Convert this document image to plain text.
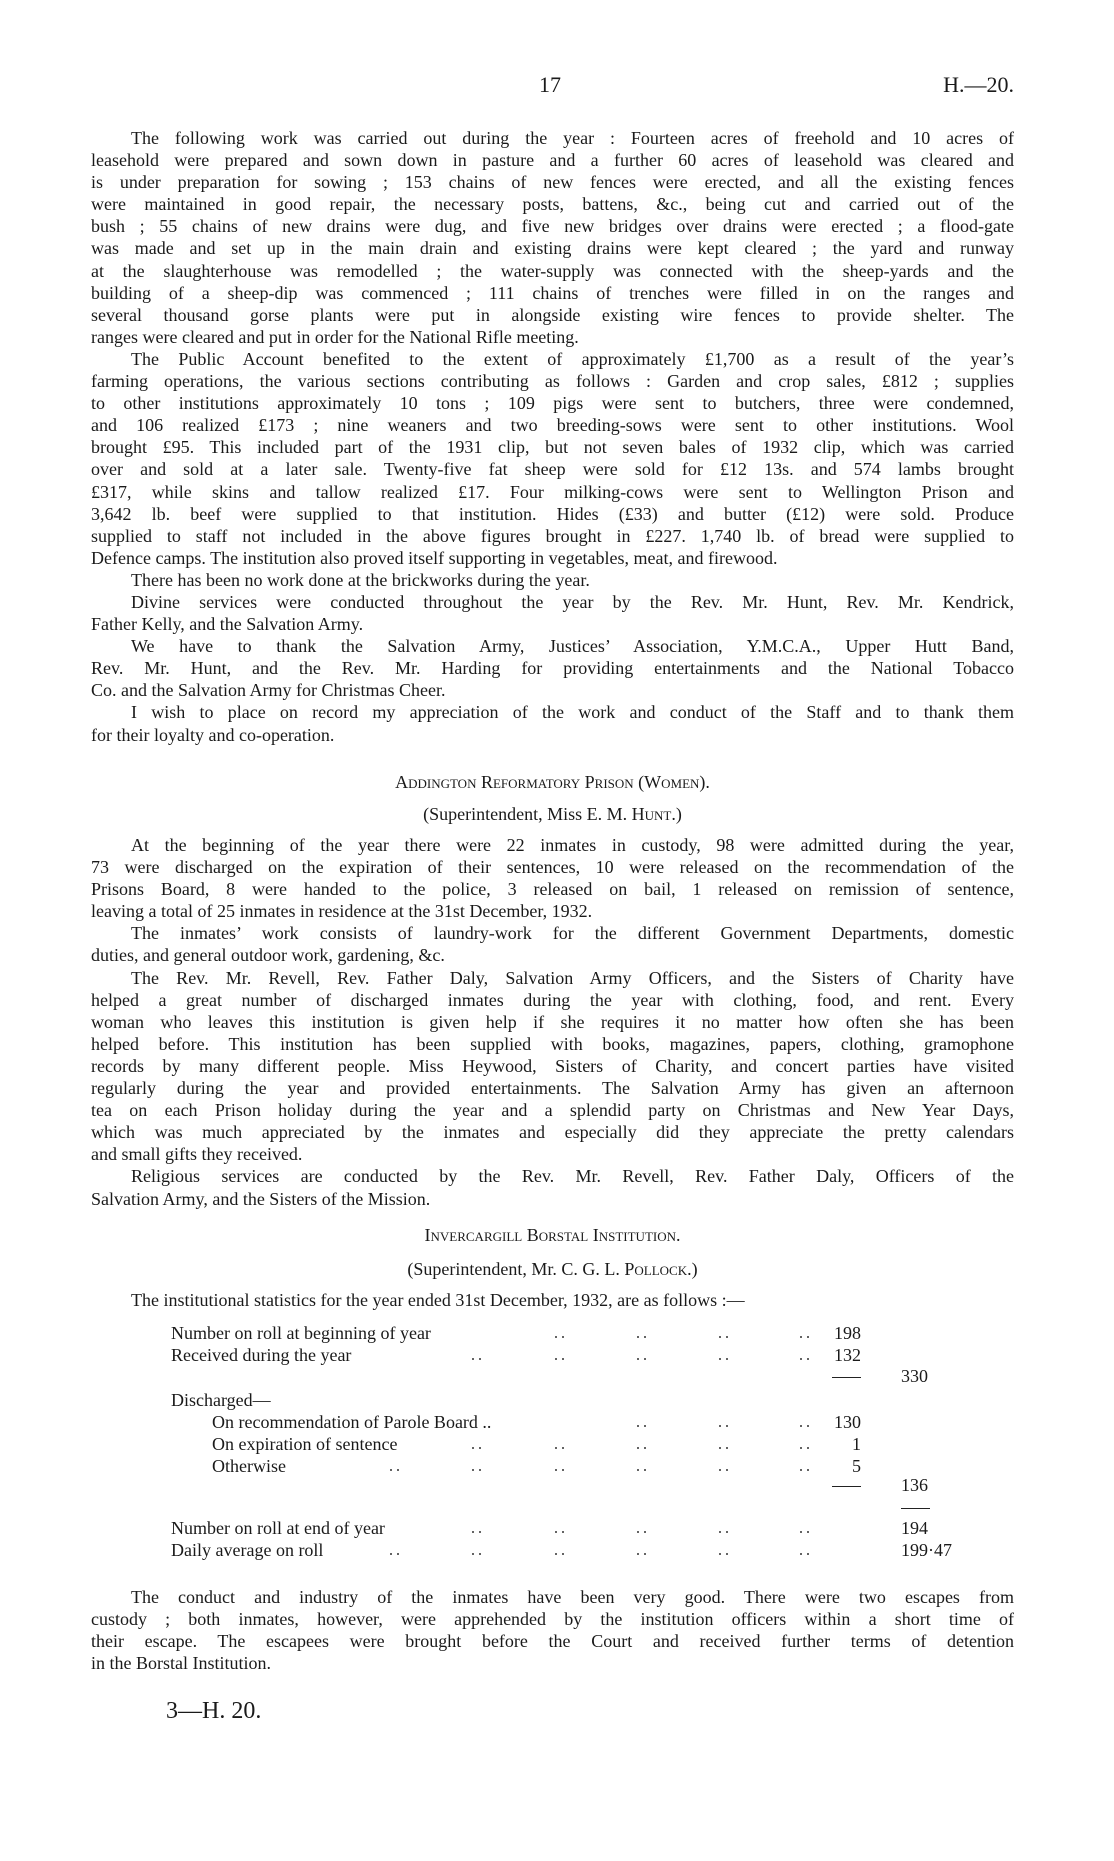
17	H.—20.
The following work was carried out during the year : Fourteen acres of freehold and 10 acres of
leasehold were prepared and sown down in pasture and a further 60 acres of leasehold was cleared and
is under preparation for sowing ; 153 chains of new fences were erected, and all the existing fences
were maintained in good repair, the necessary posts, battens, &c., being cut and carried out of the
bush ; 55 chains of new drains were dug, and five new bridges over drains were erected ; a flood-gate
was made and set up in the main drain and existing drains were kept cleared ; the yard and runway
at the slaughterhouse was remodelled ; the water-supply was connected with the sheep-yards and the
building of a sheep-dip was commenced ; 111 chains of trenches were filled in on the ranges and
several thousand gorse plants were put in alongside existing wire fences to provide shelter. The
ranges were cleared and put in order for the National Rifle meeting.
The Public Account benefited to the extent of approximately £1,700 as a result of the year’s
farming operations, the various sections contributing as follows : Garden and crop sales, £812 ; supplies
to other institutions approximately 10 tons ; 109 pigs were sent to butchers, three were condemned,
and 106 realized £173 ; nine weaners and two breeding-sows were sent to other institutions. Wool
brought £95. This included part of the 1931 clip, but not seven bales of 1932 clip, which was carried
over and sold at a later sale. Twenty-five fat sheep were sold for £12 13s. and 574 lambs brought
£317, while skins and tallow realized £17. Four milking-cows were sent to Wellington Prison and
3,642 lb. beef were supplied to that institution. Hides (£33) and butter (£12) were sold. Produce
supplied to staff not included in the above figures brought in £227. 1,740 lb. of bread were supplied to
Defence camps. The institution also proved itself supporting in vegetables, meat, and firewood.
There has been no work done at the brickworks during the year.
Divine services were conducted throughout the year by the Rev. Mr. Hunt, Rev. Mr. Kendrick,
Father Kelly, and the Salvation Army.
We have to thank the Salvation Army, Justices’ Association, Y.M.C.A., Upper Hutt Band,
Rev. Mr. Hunt, and the Rev. Mr. Harding for providing entertainments and the National Tobacco
Co. and the Salvation Army for Christmas Cheer.
I wish to place on record my appreciation of the work and conduct of the Staff and to thank them
for their loyalty and co-operation.
Addington Reformatory Prison (Women).
(Superintendent, Miss E. M. Hunt.)
At the beginning of the year there were 22 inmates in custody, 98 were admitted during the year,
73 were discharged on the expiration of their sentences, 10 were released on the recommendation of the
Prisons Board, 8 were handed to the police, 3 released on bail, 1 released on remission of sentence,
leaving a total of 25 inmates in residence at the 31st December, 1932.
The inmates’ work consists of laundry-work for the different Government Departments, domestic
duties, and general outdoor work, gardening, &c.
The Rev. Mr. Revell, Rev. Father Daly, Salvation Army Officers, and the Sisters of Charity have
helped a great number of discharged inmates during the year with clothing, food, and rent. Every
woman who leaves this institution is given help if she requires it no matter how often she has been
helped before. This institution has been supplied with books, magazines, papers, clothing, gramophone
records by many different people. Miss Heywood, Sisters of Charity, and concert parties have visited
regularly during the year and provided entertainments. The Salvation Army has given an afternoon
tea on each Prison holiday during the year and a splendid party on Christmas and New Year Days,
which was much appreciated by the inmates and especially did they appreciate the pretty calendars
and small gifts they received.
Religious services are conducted by the Rev. Mr. Revell, Rev. Father Daly, Officers of the
Salvation Army, and the Sisters of the Mission.
Invercargill Borstal Institution.
(Superintendent, Mr. C. G. L. Pollock.)
The institutional statistics for the year ended 31st December, 1932, are as follows :—
Number on roll at beginning of year	198
Received during the year	132
330
Discharged—
On recommendation of Parole Board ..	130
On expiration of sentence	1
Otherwise	5
136
Number on roll at end of year	194
Daily average on roll	199·47
The conduct and industry of the inmates have been very good. There were two escapes from
custody ; both inmates, however, were apprehended by the institution officers within a short time of
their escape. The escapees were brought before the Court and received further terms of detention
in the Borstal Institution.
3—H. 20.
